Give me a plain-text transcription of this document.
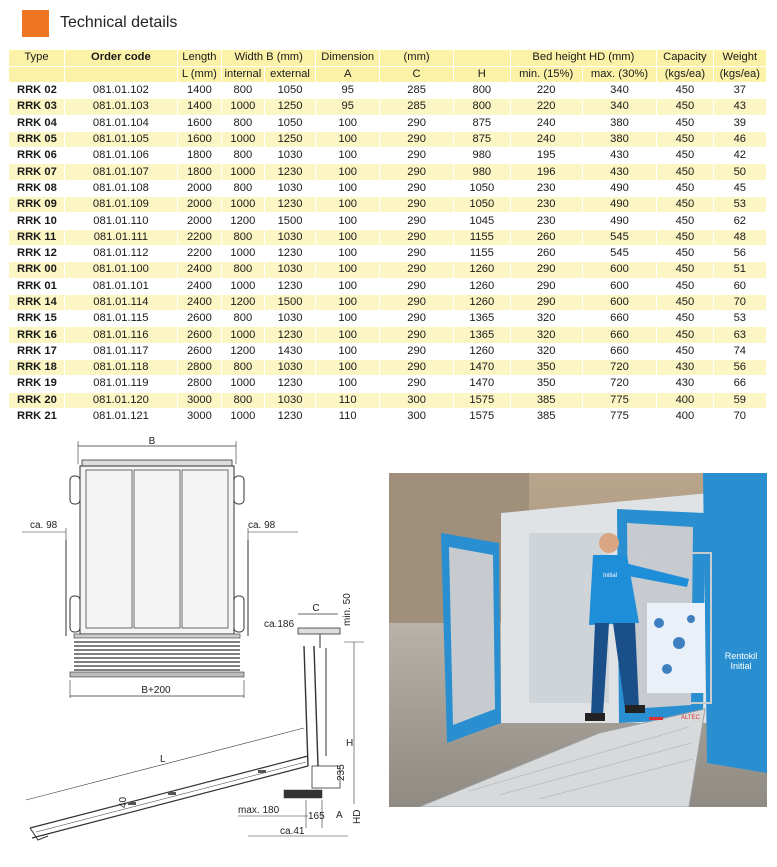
Technical details
Type	Order code	Length	Width B (mm)		Dimension	(mm)		Bed height HD (mm)		Capacity	Weight
		L (mm)	internal	external	A	C	H	min. (15%)	max. (30%)	(kgs/ea)	(kgs/ea)
RRK 02	081.01.102	1400	800	1050	95	285	800	220	340	450	37
RRK 03	081.01.103	1400	1000	1250	95	285	800	220	340	450	43
RRK 04	081.01.104	1600	800	1050	100	290	875	240	380	450	39
RRK 05	081.01.105	1600	1000	1250	100	290	875	240	380	450	46
RRK 06	081.01.106	1800	800	1030	100	290	980	195	430	450	42
RRK 07	081.01.107	1800	1000	1230	100	290	980	196	430	450	50
RRK 08	081.01.108	2000	800	1030	100	290	1050	230	490	450	45
RRK 09	081.01.109	2000	1000	1230	100	290	1050	230	490	450	53
RRK 10	081.01.110	2000	1200	1500	100	290	1045	230	490	450	62
RRK 11	081.01.111	2200	800	1030	100	290	1155	260	545	450	48
RRK 12	081.01.112	2200	1000	1230	100	290	1155	260	545	450	56
RRK 00	081.01.100	2400	800	1030	100	290	1260	290	600	450	51
RRK 01	081.01.101	2400	1000	1230	100	290	1260	290	600	450	60
RRK 14	081.01.114	2400	1200	1500	100	290	1260	290	600	450	70
RRK 15	081.01.115	2600	800	1030	100	290	1365	320	660	450	53
RRK 16	081.01.116	2600	1000	1230	100	290	1365	320	660	450	63
RRK 17	081.01.117	2600	1200	1430	100	290	1260	320	660	450	74
RRK 18	081.01.118	2800	800	1030	100	290	1470	350	720	430	56
RRK 19	081.01.119	2800	1000	1230	100	290	1470	350	720	430	66
RRK 20	081.01.120	3000	800	1030	110	300	1575	385	775	400	59
RRK 21	081.01.121	3000	1000	1230	110	300	1575	385	775	400	70
B
ca. 98	ca. 98
B+200
C
ca.186	min. 50
H
235
L
40
max. 180
165 A HD
ca.41
Rentokil
Initial
ALTEC
Initial
